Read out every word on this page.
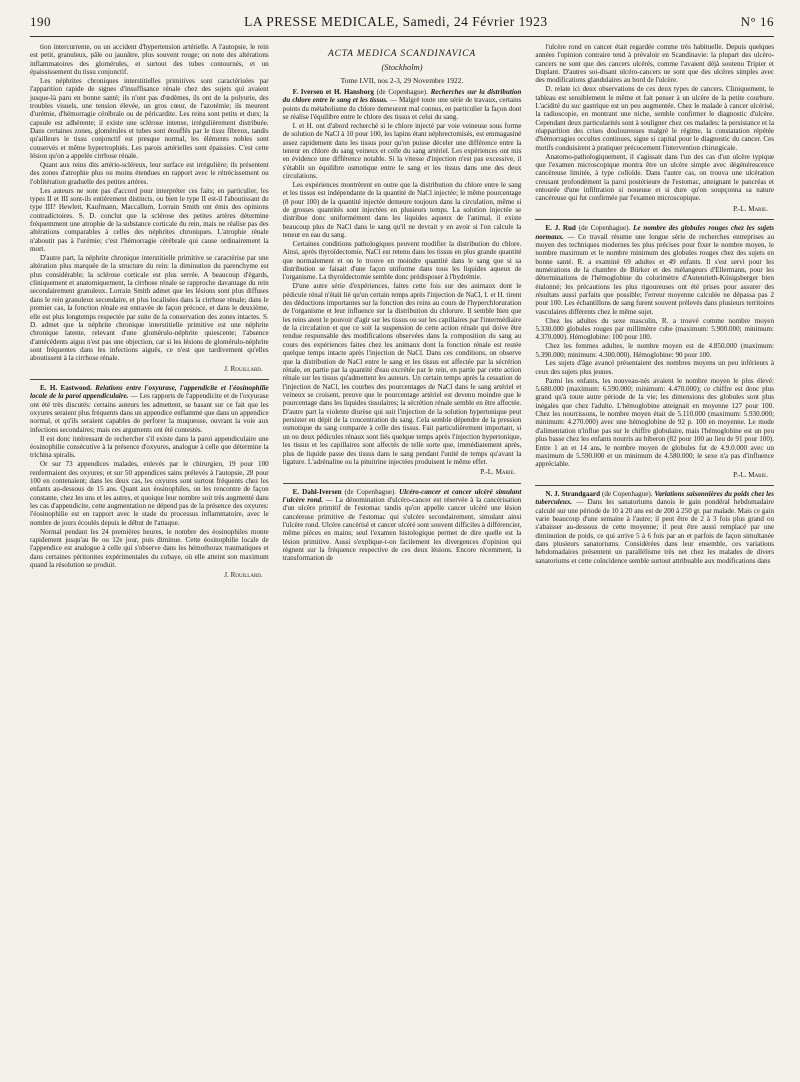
190	LA PRESSE MEDICALE, Samedi, 24 Février 1923	N° 16

tion intercurrente, ou un accident d'hypertension artérielle. A l'autopsie, le rein est petit, granuleux, pâle ou jaunâtre, plus souvent rouge; on note des altérations inflammatoires des glomérules, et surtout des tubes contournés, et un épaississement du tissu conjonctif.

Les néphrites chroniques interstitielles primitives sont caractérisées par l'apparition rapide de signes d'insuffisance rénale chez des sujets qui avaient jusque-là paru en bonne santé; ils n'ont pas d'œdèmes, ils ont de la polyurie, des troubles visuels, une tension élevée, un gros cœur, de l'azotémie; ils meurent d'urémie, d'hémorragie cérébrale ou de péricardite. Les reins sont petits et durs; la capsule est adhérente; il existe une sclérose intense, irrégulièrement distribuée. Dans certaines zones, glomérules et tubes sont étouffés par le tissu fibreux, tandis qu'ailleurs le tissu conjonctif est presque normal, les éléments nobles sont conservés et même hypertrophiés. Les parois artérielles sont épaissies. C'est cette lésion qu'on a appelée cirrhose rénale.

Quant aux reins dits artério-scléreux, leur surface est irrégulière; ils présentent des zones d'atrophie plus ou moins étendues en rapport avec le rétrécissement ou l'oblitération graduelle des petites artères.

Les auteurs ne sont pas d'accord pour interpréter ces faits; en particulier, les types II et III sont-ils entièrement distincts, ou bien le type II est-il l'aboutissant du type III? Hewlett, Kaufmann, Maccallum, Lorrain Smith ont émis des opinions contradictoires. S. D. conclut que la sclérose des petites artères détermine fréquemment une atrophie de la substance corticale du rein, mais ne réalise pas des altérations comparables à celles des néphrites chroniques. L'atrophie rénale n'aboutit pas à l'urémie; c'est l'hémorragie cérébrale qui cause ordinairement la mort.

D'autre part, la néphrite chronique interstitielle primitive se caractérise par une altération plus marquée de la structure du rein: la diminution du parenchyme est plus considérable; la sclérose corticale est plus serrée. A beaucoup d'égards, cliniquement et anatomiquement, la cirrhose rénale se rapproche davantage du rein secondairement granuleux. Lorrain Smith admet que les lésions sont plus diffuses dans le rein granuleux secondaire, et plus localisées dans la cirrhose rénale; dans le premier cas, la fonction rénale est entravée de façon précoce, et dans le deuxième, elle est plus longtemps respectée par suite de la conservation des zones intactes. S. D. admet que la néphrite chronique interstitielle primitive est une néphrite chronique latente, relevant d'une glomérulo-néphrite quiescente; l'absence d'antécédents aigus n'est pas une objection, car si les lésions de glomérulo-néphrite sont fréquentes dans les infections aiguës, ce n'est que tardivement qu'elles aboutissent à la cirrhose rénale.

J. Rouillard.

E. H. Eastwood. Relations entre l'oxyurase, l'appendicite et l'éosinophilie locale de la paroi appendiculaire. — Les rapports de l'appendicite et de l'oxyurase ont été très discutés: certains auteurs les admettent, se basant sur ce fait que les oxyures seraient plus fréquents dans un appendice enflammé que dans un appendice normal, et qu'ils seraient capables de perforer la muqueuse, ouvrant la voie aux infections secondaires; mais ces arguments ont été contestés.

Il est donc intéressant de rechercher s'il existe dans la paroi appendiculaire une éosinophilie consécutive à la présence d'oxyures, analogue à celle que détermine la trichina spiralis.

Or sur 73 appendices malades, enlevés par le chirurgien, 19 pour 100 renfermaient des oxyures; et sur 50 appendices sains prélevés à l'autopsie, 28 pour 100 en contenaient; dans les deux cas, les oxyures sont surtout fréquents chez les enfants au-dessous de 15 ans. Quant aux éosinophiles, on les rencontre de façon constante, chez les uns et les autres, et quoique leur nombre soit très augmenté dans les cas d'appendicite, cette augmentation ne dépend pas de la présence des oxyures: l'éosinophilie est en rapport avec le stade du processus inflammatoire, avec le nombre de jours écoulés depuis le début de l'attaque.

Normal pendant les 24 premières heures, le nombre des éosinophiles monte rapidement jusqu'au 8e ou 12e jour, puis diminue. Cette éosinophilie locale de l'appendice est analogue à celle qui s'observe dans les hémothorax traumatiques et dans certaines péritonites expérimentales du cobaye, où elle atteint son maximum quand la résolution se produit.

J. Rouillard.

ACTA MEDICA SCANDINAVICA
(Stockholm)
Tome LVII, nos 2-3, 29 Novembre 1922.

F. Iversen et H. Hansborg (de Copenhague). Recherches sur la distribution du chlore entre le sang et les tissus. — Malgré toute une série de travaux, certains points du métabolisme du chlore demeurent mal connus, en particulier la façon dont se réalise l'équilibre entre le chlore des tissus et celui du sang.

I. et H. ont d'abord recherché si le chlore injecté par voie veineuse sous forme de solution de NaCl à 10 pour 100, les lapins étant néphrectomisés, est emmagasiné assez rapidement dans les tissus pour qu'on puisse déceler une différence entre la teneur en chlore du sang veineux et celle du sang artériel. Les expériences ont mis en évidence une différence notable. Si la vitesse d'injection n'est pas excessive, il s'établit un équilibre osmotique entre le sang et les tissus dans une des deux circulations.

Les expériences montrèrent en outre que la distribution du chlore entre le sang et les tissus est indépendante de la quantité de NaCl injectée; le même pourcentage (8 pour 100) de la quantité injectée demeure toujours dans la circulation, même si de grosses quantités sont injectées en plusieurs temps. La solution injectée se distribue donc uniformément dans les liquides aqueux de l'animal, il existe beaucoup plus de NaCl dans le sang qu'il ne devrait y en avoir si l'on calcule la teneur en eau du sang.

Certaines conditions pathologiques peuvent modifier la distribution du chlore. Ainsi, après thyroïdectomie, NaCl est retenu dans les tissus en plus grande quantité que normalement et on le trouve en moindre quantité dans le sang que si sa distribution se faisait d'une façon uniforme dans tous les liquides aqueux de l'organisme. La thyroïdectomie semble donc prédisposer à l'hydrémie.

D'une autre série d'expériences, faites cette fois sur des animaux dont le pédicule rénal n'était lié qu'un certain temps après l'injection de NaCl, I. et H. tirent des déductions importantes sur la fonction des reins au cours de l'hyperchloruration de l'organisme et leur influence sur la distribution du chlorure. Il semble bien que les reins aient le pouvoir d'agir sur les tissus ou sur les capillaires par l'intermédiaire de la circulation et que ce soit la suspension de cette action rénale qui doive être rendue responsable des modifications observées dans la composition du sang au cours des expériences faites chez les animaux dont la fonction rénale est restée quelque temps intacte après l'injection de NaCl. Dans ces conditions, on observe que la distribution de NaCl entre le sang et les tissus est affectée par la sécrétion rénale, en partie par la quantité d'eau excrétée par le rein, en partie par cette action rénale sur les tissus qu'admettent les auteurs. Un certain temps après la cessation de l'injection de NaCl, les courbes des pourcentages de NaCl dans le sang artériel et veineux se croisent, preuve que le pourcentage artériel est devenu moindre que le pourcentage dans les liquides tissulaires; la sécrétion rénale semble en être affectée. D'autre part la violente diurèse qui suit l'injection de la solution hypertonique peut persister en dépit de la concentration du sang. Cela semble dépendre de la pression osmotique du sang comparée à celle des tissus. Fait particulièrement important, si un ou deux pédicules rénaux sont liés quelque temps après l'injection hypertonique, les tissus et les capillaires sont affectés de telle sorte que, immédiatement après, plus de liquide passe des tissus dans le sang pendant l'unité de temps qu'avant la ligature. L'adrénaline ou la pituitrine injectées produisent le même effet.

P.-L. Marie.

E. Dahl-Iversen (de Copenhague). Ulcéro-cancer et cancer ulcéré simulant l'ulcère rond. — La dénomination d'ulcéro-cancer est réservée à la cancérisation d'un ulcère primitif de l'estomac tandis qu'on appelle cancer ulcéré une lésion cancéreuse primitive de l'estomac qui s'ulcère secondairement, simulant ainsi l'ulcère rond. Ulcère cancérisé et cancer ulcéré sont souvent difficiles à différencier, même pièces en mains; seul l'examen histologique permet de dire quelle est la lésion primitive. Aussi s'explique-t-on facilement les divergences d'opinion qui règnent sur la fréquence respective de ces deux lésions. Encore récemment, la transformation de

l'ulcère rond en cancer était regardée comme très habituelle. Depuis quelques années l'opinion contraire tend à prévaloir en Scandinavie: la plupart des ulcéro-cancers ne sont que des cancers ulcérés, comme l'avaient déjà soutenu Tripier et Duplant. D'autres soi-disant ulcéro-cancers ne sont que des ulcères simples avec des modifications glandulaires au bord de l'ulcère.

D. relate ici deux observations de ces deux types de cancers. Cliniquement, le tableau est sensiblement le même et fait penser à un ulcère de la petite courbure. L'acidité du suc gastrique est un peu augmentée. Chez le malade à cancer ulcérisé, la radioscopie, en montrant une niche, semble confirmer le diagnostic d'ulcère. Cependant deux particularités sont à souligner chez ces malades: la persistance et la réapparition des crises douloureuses malgré le régime, la constatation répétée d'hémorragies occultes continues, signe si capital pour le diagnostic du cancer. Ces motifs conduisirent à pratiquer précocement l'intervention chirurgicale.

Anatomo-pathologiquement, il s'agissait dans l'un des cas d'un ulcère typique que l'examen microscopique montra être un ulcère simple avec dégénérescence cancéreuse limitée, à type colloïde. Dans l'autre cas, on trouva une ulcération creusant profondément la paroi postérieure de l'estomac, atteignant le pancréas et entourée d'une infiltration si noueuse et si dure qu'on soupçonna sa nature cancéreuse qui fut confirmée par l'examen microscopique.

P.-L. Marie.

E. J. Rud (de Copenhague). Le nombre des globules rouges chez les sujets normaux. — Ce travail résume une longue série de recherches entreprises au moyen des techniques modernes les plus précises pour fixer le nombre moyen, le nombre maximum et le nombre minimum des globules rouges chez des sujets en bonne santé. R. a examiné 69 adultes et 49 enfants. Il s'est servi pour les numérations de la chambre de Bürker et des mélangeurs d'Ellermann, pour les déterminations de l'hémoglobine du colorimètre d'Autenrieth-Königsberger bien étalonné; les précautions les plus rigoureuses ont été prises pour assurer des résultats aussi parfaits que possible; l'erreur moyenne calculée ne dépassa pas 2 pour 100. Les échantillons de sang furent souvent prélevés dans plusieurs territoires vasculaires différents chez le même sujet.

Chez les adultes du sexe masculin, R. a trouvé comme nombre moyen 5.330.000 globules rouges par millimètre cube (maximum: 5.900.000; minimum: 4.370.000). Hémoglobine: 100 pour 100.

Chez les femmes adultes, le nombre moyen est de 4.850.000 (maximum: 5.390.000; minimum: 4.300.000). Hémoglobine: 90 pour 100.

Les sujets d'âge avancé présentaient des nombres moyens un peu inférieurs à ceux des sujets plus jeunes.

Parmi les enfants, les nouveau-nés avaient le nombre moyen le plus élevé: 5.680.000 (maximum: 6.590.000; minimum: 4.470.000); ce chiffre est donc plus grand qu'à toute autre période de la vie; les dimensions des globules sont plus inégales que chez l'adulte. L'hémoglobine atteignait en moyenne 127 pour 100. Chez les nourrissons, le nombre moyen était de 5.110.000 (maximum: 5.930.000; minimum: 4.270.000) avec une hémoglobine de 92 p. 100 en moyenne. Le mode d'alimentation n'influe pas sur le chiffre globulaire, mais l'hémoglobine est un peu plus basse chez les enfants nourris au biberon (82 pour 100 au lieu de 91 pour 100). Entre 1 an et 14 ans, le nombre moyen de globules fut de 4.9.0.000 avec un maximum de 5.590.000 et un minimum de 4.580.000; le sexe n'a pas d'influence appréciable.

P.-L. Marie.

N. J. Strandgaard (de Copenhague). Variations saisonnières du poids chez les tuberculeux. — Dans les sanatoriums danois le gain pondéral hebdomadaire calculé sur une période de 10 à 20 ans est de 200 à 250 gr. par malade. Mais ce gain varie beaucoup d'une semaine à l'autre; il peut être de 2 à 3 fois plus grand ou s'abaisser au-dessous de cette moyenne; il peut être aussi remplacé par une diminution de poids, ce qui arrive 5 à 6 fois par an et parfois de façon simultanée dans plusieurs sanatoriums. Considérées dans leur ensemble, ces variations hebdomadaires présentent un parallélisme très net chez les malades de divers sanatoriums et cette coïncidence semble surtout attribuable aux modifications dans
